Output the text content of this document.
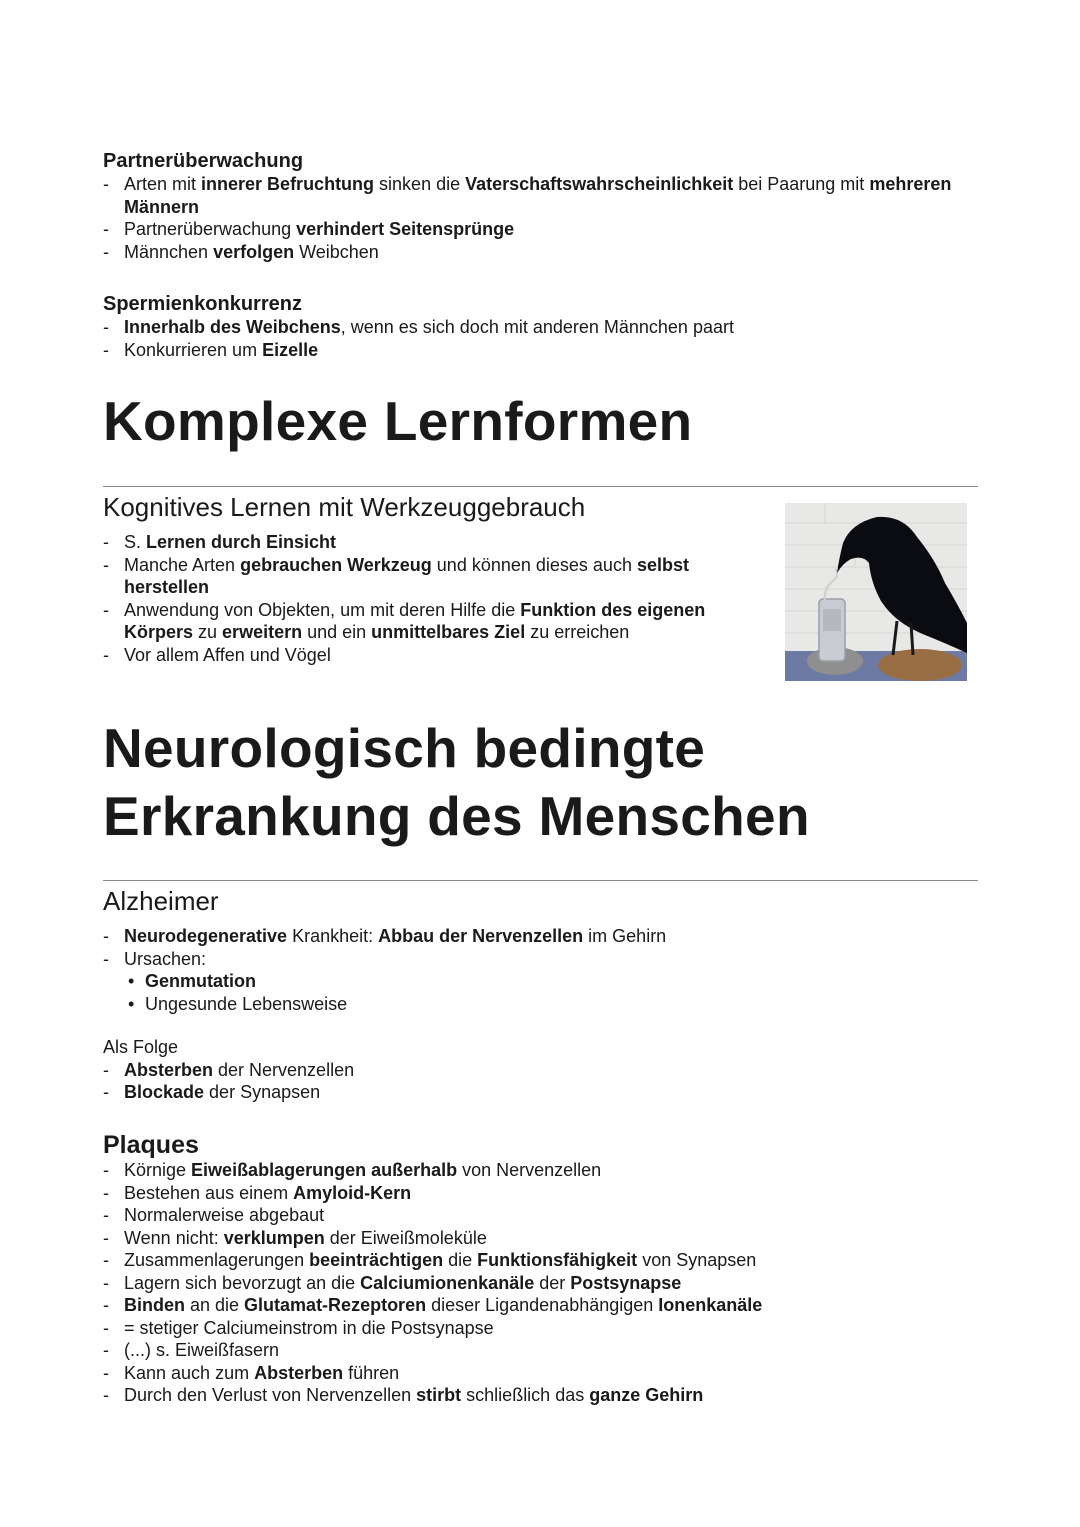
Partnerüberwachung

- Arten mit innerer Befruchtung sinken die Vaterschaftswahrscheinlichkeit bei Paarung mit mehreren Männern
- Partnerüberwachung verhindert Seitensprünge
- Männchen verfolgen Weibchen

Spermienkonkurrenz

- Innerhalb des Weibchens, wenn es sich doch mit anderen Männchen paart
- Konkurrieren um Eizelle
Komplexe Lernformen
Kognitives Lernen mit Werkzeuggebrauch
- S. Lernen durch Einsicht
- Manche Arten gebrauchen Werkzeug und können dieses auch selbst herstellen
- Anwendung von Objekten, um mit deren Hilfe die Funktion des eigenen Körpers zu erweitern und ein unmittelbares Ziel zu erreichen
- Vor allem Affen und Vögel
Neurologisch bedingte
Erkrankung des Menschen
Alzheimer
- Neurodegenerative Krankheit: Abbau der Nervenzellen im Gehirn
- Ursachen:
• Genmutation
• Ungesunde Lebensweise

Als Folge

- Absterben der Nervenzellen
- Blockade der Synapsen

Plaques

- Körnige Eiweißablagerungen außerhalb von Nervenzellen
- Bestehen aus einem Amyloid-Kern
- Normalerweise abgebaut
- Wenn nicht: verklumpen der Eiweißmoleküle
- Zusammenlagerungen beeinträchtigen die Funktionsfähigkeit von Synapsen
- Lagern sich bevorzugt an die Calciumionenkanäle der Postsynapse
- Binden an die Glutamat-Rezeptoren dieser Ligandenabhängigen Ionenkanäle
- = stetiger Calciumeinstrom in die Postsynapse
- (...) s. Eiweißfasern
- Kann auch zum Absterben führen
- Durch den Verlust von Nervenzellen stirbt schließlich das ganze Gehirn
